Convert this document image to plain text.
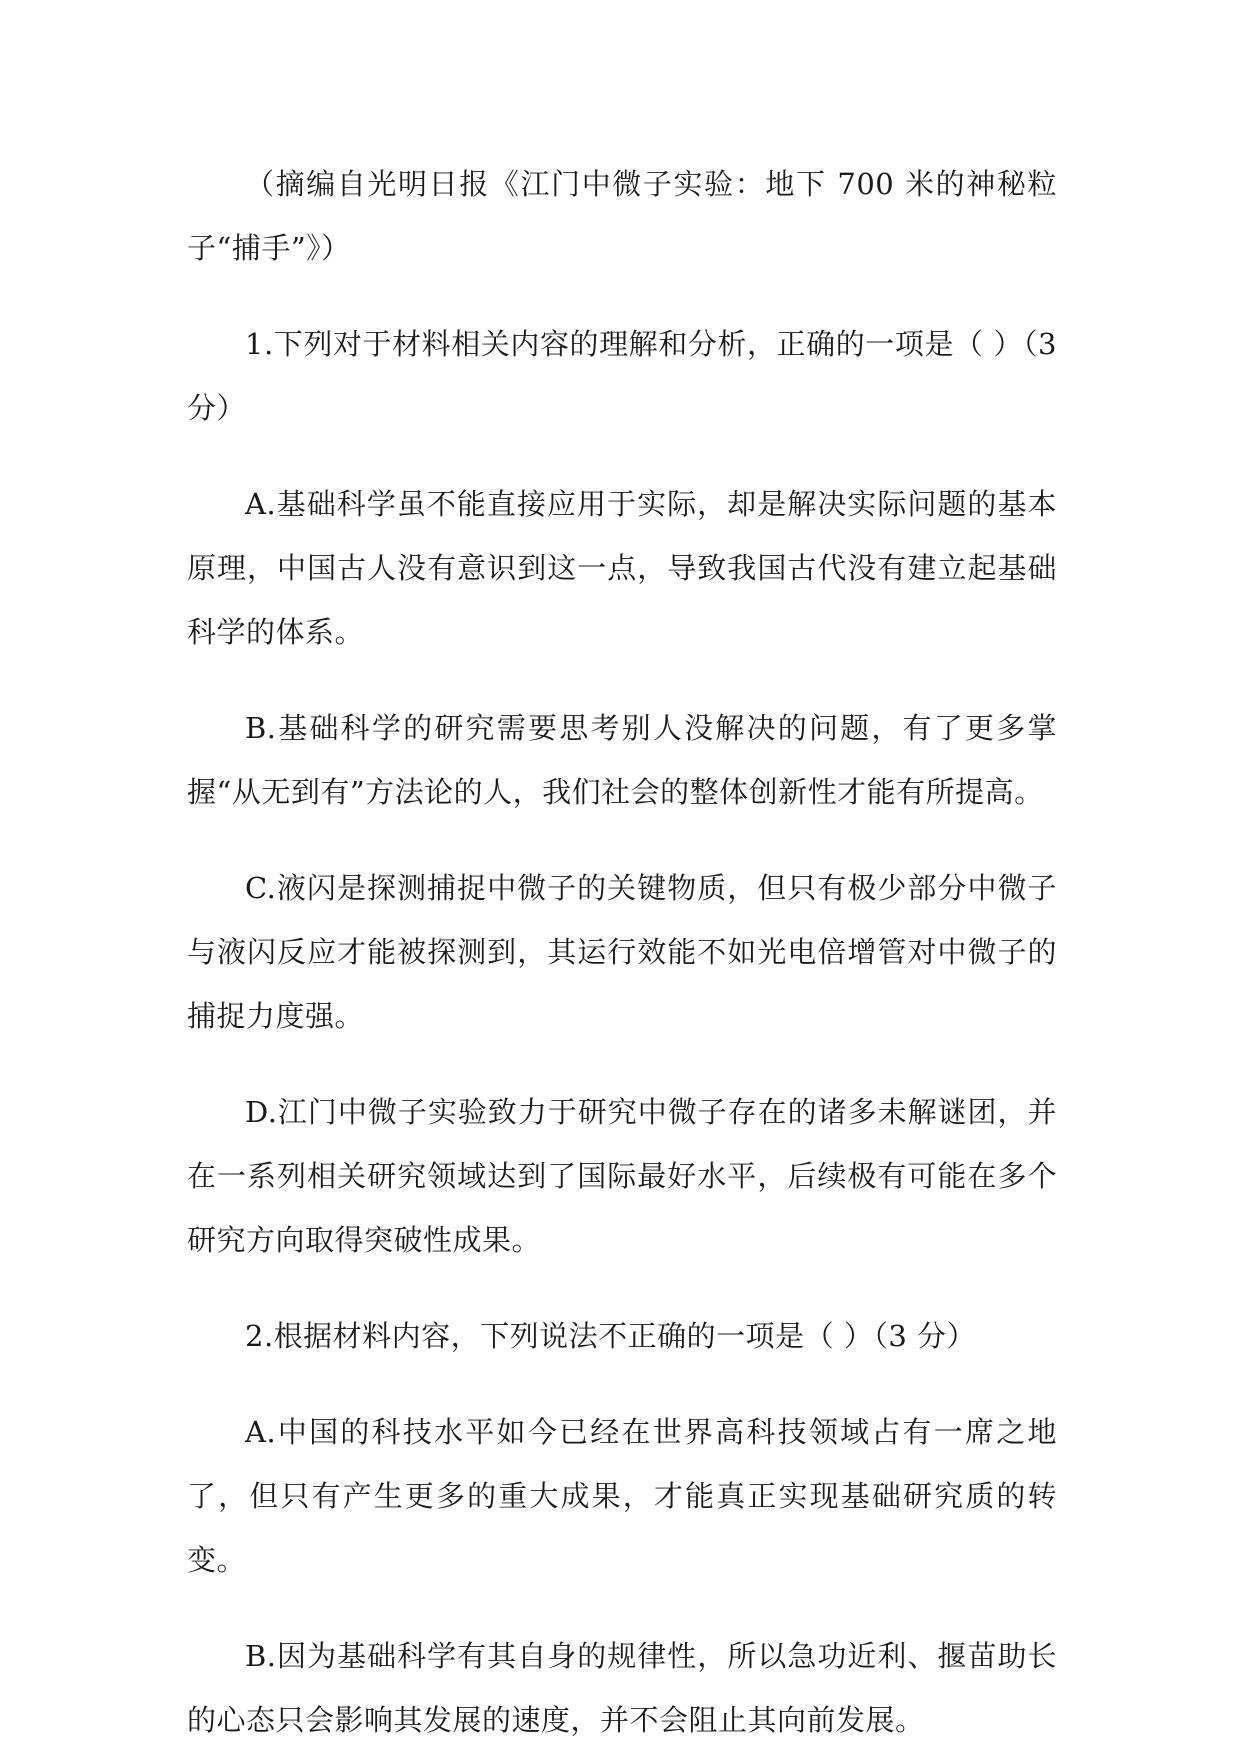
（摘编自光明日报《江门中微子实验：地下 700 米的神秘粒子“捕手”》）

1.下列对于材料相关内容的理解和分析，正确的一项是（ ）（3 分）

A.基础科学虽不能直接应用于实际，却是解决实际问题的基本原理，中国古人没有意识到这一点，导致我国古代没有建立起基础科学的体系。

B.基础科学的研究需要思考别人没解决的问题，有了更多掌握“从无到有”方法论的人，我们社会的整体创新性才能有所提高。

C.液闪是探测捕捉中微子的关键物质，但只有极少部分中微子与液闪反应才能被探测到，其运行效能不如光电倍增管对中微子的捕捉力度强。

D.江门中微子实验致力于研究中微子存在的诸多未解谜团，并在一系列相关研究领域达到了国际最好水平，后续极有可能在多个研究方向取得突破性成果。

2.根据材料内容，下列说法不正确的一项是（ ）（3 分）

A.中国的科技水平如今已经在世界高科技领域占有一席之地了，但只有产生更多的重大成果，才能真正实现基础研究质的转变。

B.因为基础科学有其自身的规律性，所以急功近利、揠苗助长的心态只会影响其发展的速度，并不会阻止其向前发展。
